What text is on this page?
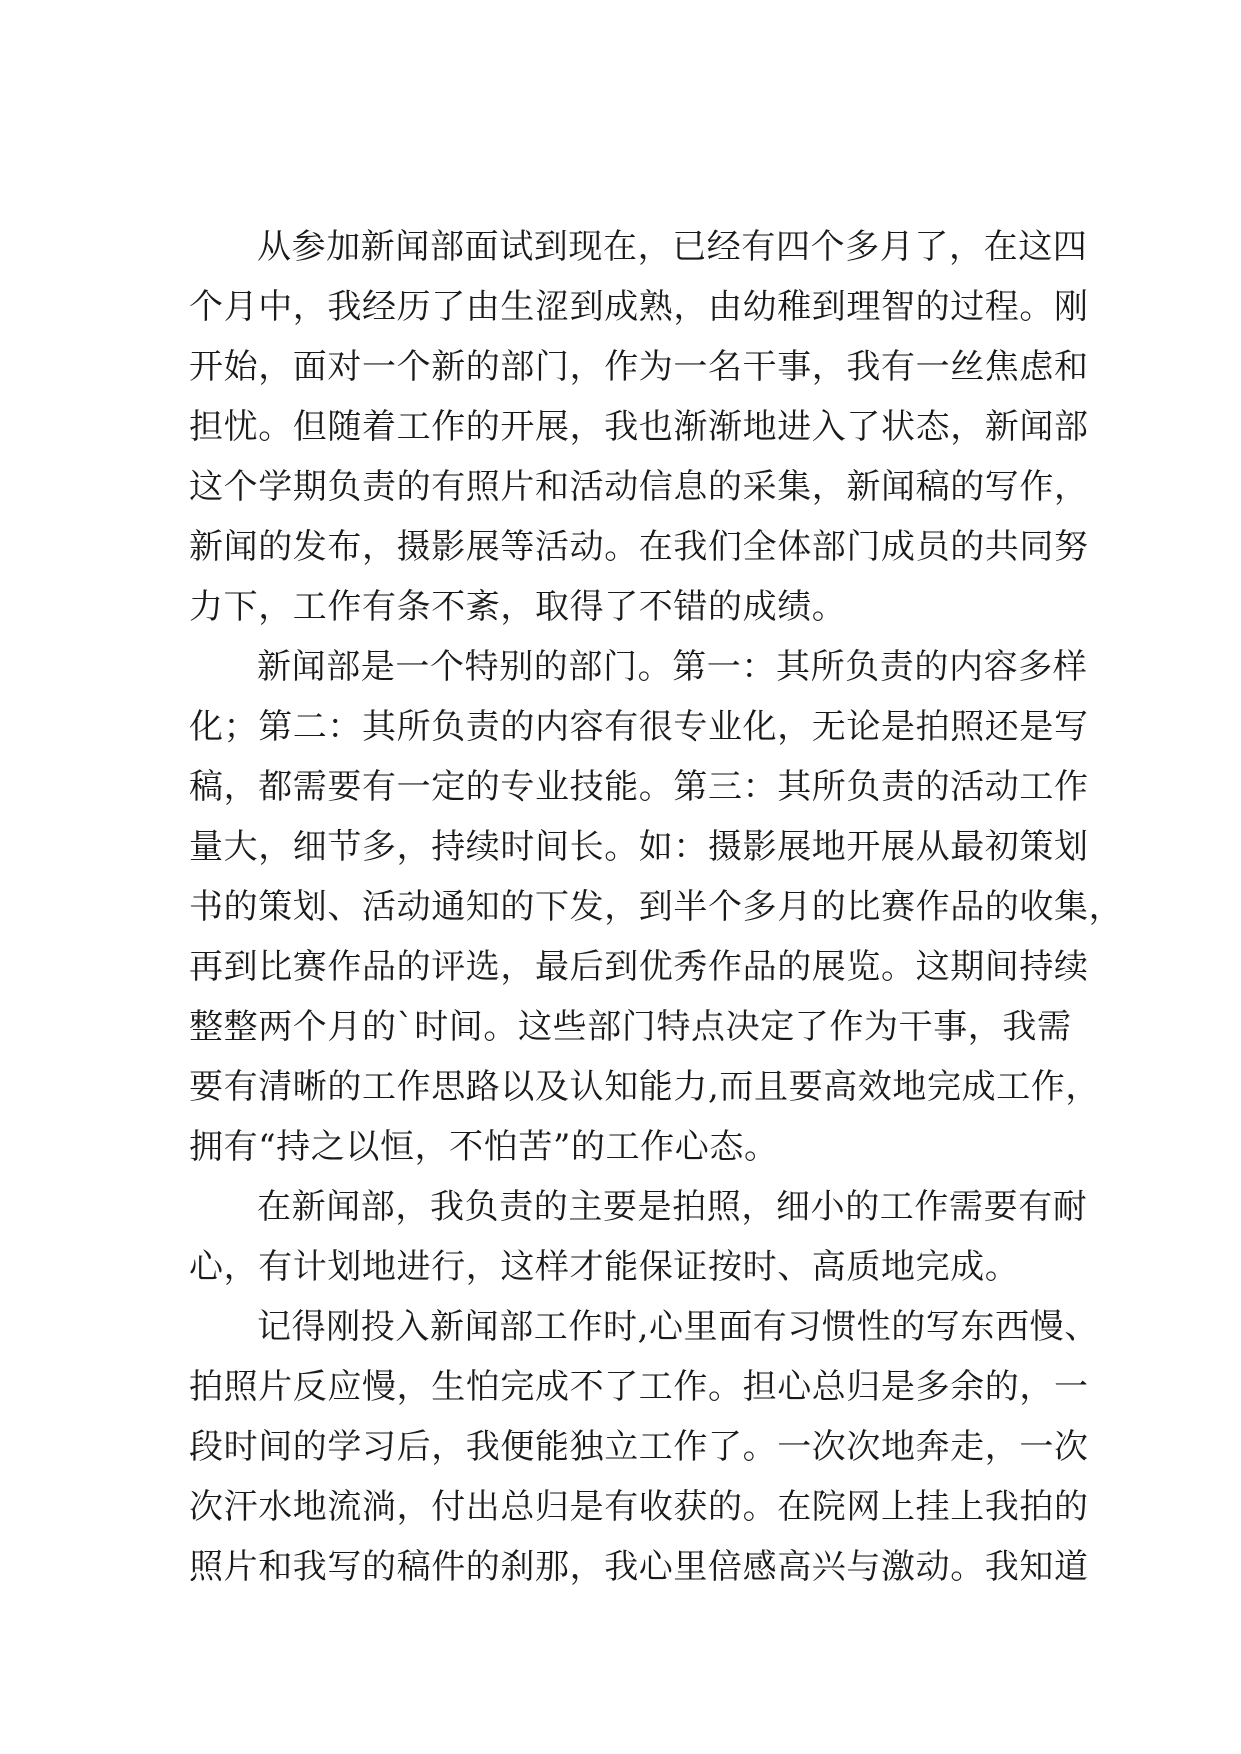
从参加新闻部面试到现在，已经有四个多月了，在这四
个月中，我经历了由生涩到成熟，由幼稚到理智的过程。刚
开始，面对一个新的部门，作为一名干事，我有一丝焦虑和
担忧。但随着工作的开展，我也渐渐地进入了状态，新闻部
这个学期负责的有照片和活动信息的采集，新闻稿的写作，
新闻的发布，摄影展等活动。在我们全体部门成员的共同努
力下，工作有条不紊，取得了不错的成绩。
新闻部是一个特别的部门。第一：其所负责的内容多样
化；第二：其所负责的内容有很专业化，无论是拍照还是写
稿，都需要有一定的专业技能。第三：其所负责的活动工作
量大，细节多，持续时间长。如：摄影展地开展从最初策划
书的策划、活动通知的下发，到半个多月的比赛作品的收集，
再到比赛作品的评选，最后到优秀作品的展览。这期间持续
整整两个月的`时间。这些部门特点决定了作为干事，我需
要有清晰的工作思路以及认知能力,而且要高效地完成工作，
拥有“持之以恒，不怕苦”的工作心态。
在新闻部，我负责的主要是拍照，细小的工作需要有耐
心，有计划地进行，这样才能保证按时、高质地完成。
记得刚投入新闻部工作时,心里面有习惯性的写东西慢、
拍照片反应慢，生怕完成不了工作。担心总归是多余的，一
段时间的学习后，我便能独立工作了。一次次地奔走，一次
次汗水地流淌，付出总归是有收获的。在院网上挂上我拍的
照片和我写的稿件的刹那，我心里倍感高兴与激动。我知道
